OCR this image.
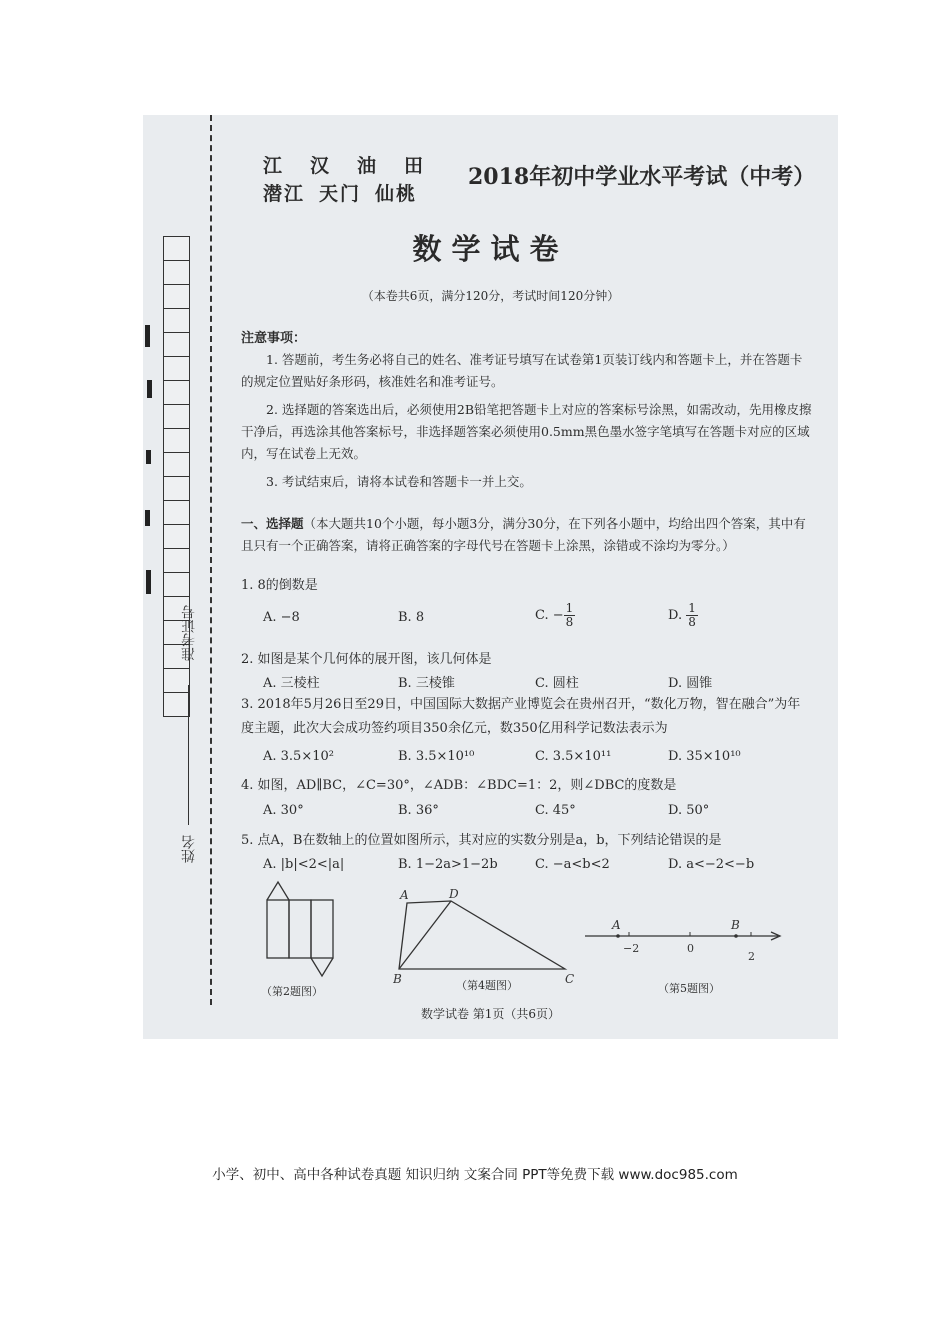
准考证号
姓名
江 汉 油 田
潜江 天门 仙桃
2018年初中学业水平考试（中考）
数学试卷
（本卷共6页，满分120分，考试时间120分钟）
注意事项：
1. 答题前，考生务必将自己的姓名、准考证号填写在试卷第1页装订线内和答题卡上，并在答题卡的规定位置贴好条形码，核准姓名和准考证号。
2. 选择题的答案选出后，必须使用2B铅笔把答题卡上对应的答案标号涂黑，如需改动，先用橡皮擦干净后，再选涂其他答案标号，非选择题答案必须使用0.5mm黑色墨水签字笔填写在答题卡对应的区域内，写在试卷上无效。
3. 考试结束后，请将本试卷和答题卡一并上交。
一、选择题（本大题共10个小题，每小题3分，满分30分，在下列各小题中，均给出四个答案，其中有且只有一个正确答案，请将正确答案的字母代号在答题卡上涂黑，涂错或不涂均为零分。）
1. 8的倒数是
A. −8	B. 8	C. − $\frac{1}{8}$	D. $\frac{1}{8}$
2. 如图是某个几何体的展开图，该几何体是
A. 三棱柱	B. 三棱锥	C. 圆柱	D. 圆锥
3. 2018年5月26日至29日，中国国际大数据产业博览会在贵州召开，“数化万物，智在融合”为年度主题，此次大会成功签约项目350余亿元，数350亿用科学记数法表示为
A. 3.5×10²	B. 3.5×10¹⁰	C. 3.5×10¹¹	D. 35×10¹⁰
4. 如图，AD∥BC，∠C=30°，∠ADB：∠BDC=1：2，则∠DBC的度数是
A. 30°	B. 36°	C. 45°	D. 50°
5. 点A，B在数轴上的位置如图所示，其对应的实数分别是a，b，下列结论错误的是
A. |b|<2<|a|	B. 1−2a>1−2b	C. −a<b<2	D. a<−2<−b
（第2题图）
A	D
B	C
（第4题图）
A	B
−2	0
2
（第5题图）
数学试卷 第1页（共6页）
小学、初中、高中各种试卷真题 知识归纳 文案合同 PPT等免费下载 www.doc985.com
